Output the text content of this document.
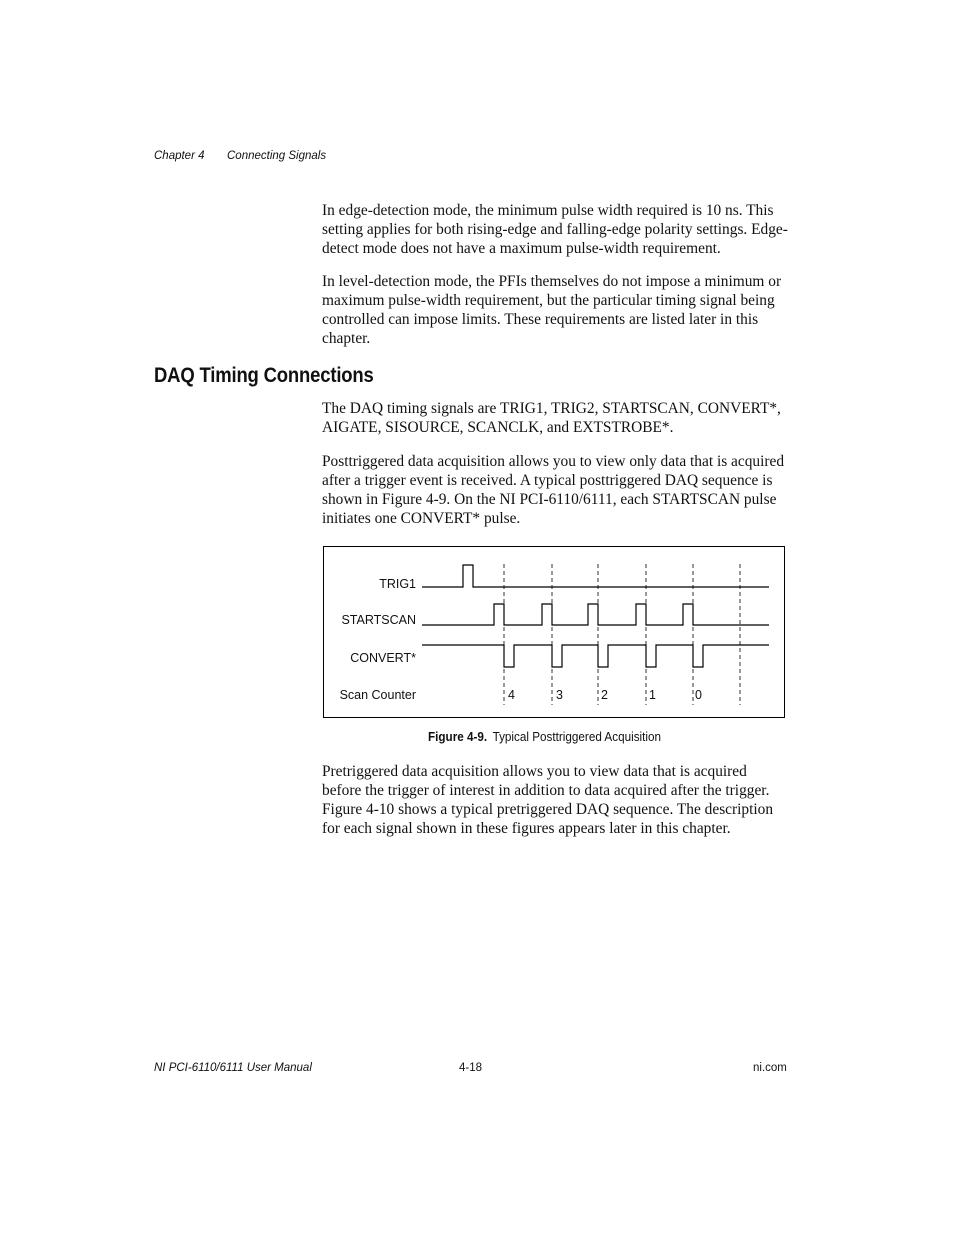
Chapter 4 Connecting Signals

In edge-detection mode, the minimum pulse width required is 10 ns. This setting applies for both rising-edge and falling-edge polarity settings. Edge-detect mode does not have a maximum pulse-width requirement.

In level-detection mode, the PFIs themselves do not impose a minimum or maximum pulse-width requirement, but the particular timing signal being controlled can impose limits. These requirements are listed later in this chapter.

DAQ Timing Connections

The DAQ timing signals are TRIG1, TRIG2, STARTSCAN, CONVERT*, AIGATE, SISOURCE, SCANCLK, and EXTSTROBE*.

Posttriggered data acquisition allows you to view only data that is acquired after a trigger event is received. A typical posttriggered DAQ sequence is shown in Figure 4-9. On the NI PCI-6110/6111, each STARTSCAN pulse initiates one CONVERT* pulse.

TRIG1
STARTSCAN
CONVERT*
Scan Counter	4	3	2	1	0
Figure 4-9. Typical Posttriggered Acquisition

Pretriggered data acquisition allows you to view data that is acquired before the trigger of interest in addition to data acquired after the trigger. Figure 4-10 shows a typical pretriggered DAQ sequence. The description for each signal shown in these figures appears later in this chapter.

NI PCI-6110/6111 User Manual	4-18	ni.com
